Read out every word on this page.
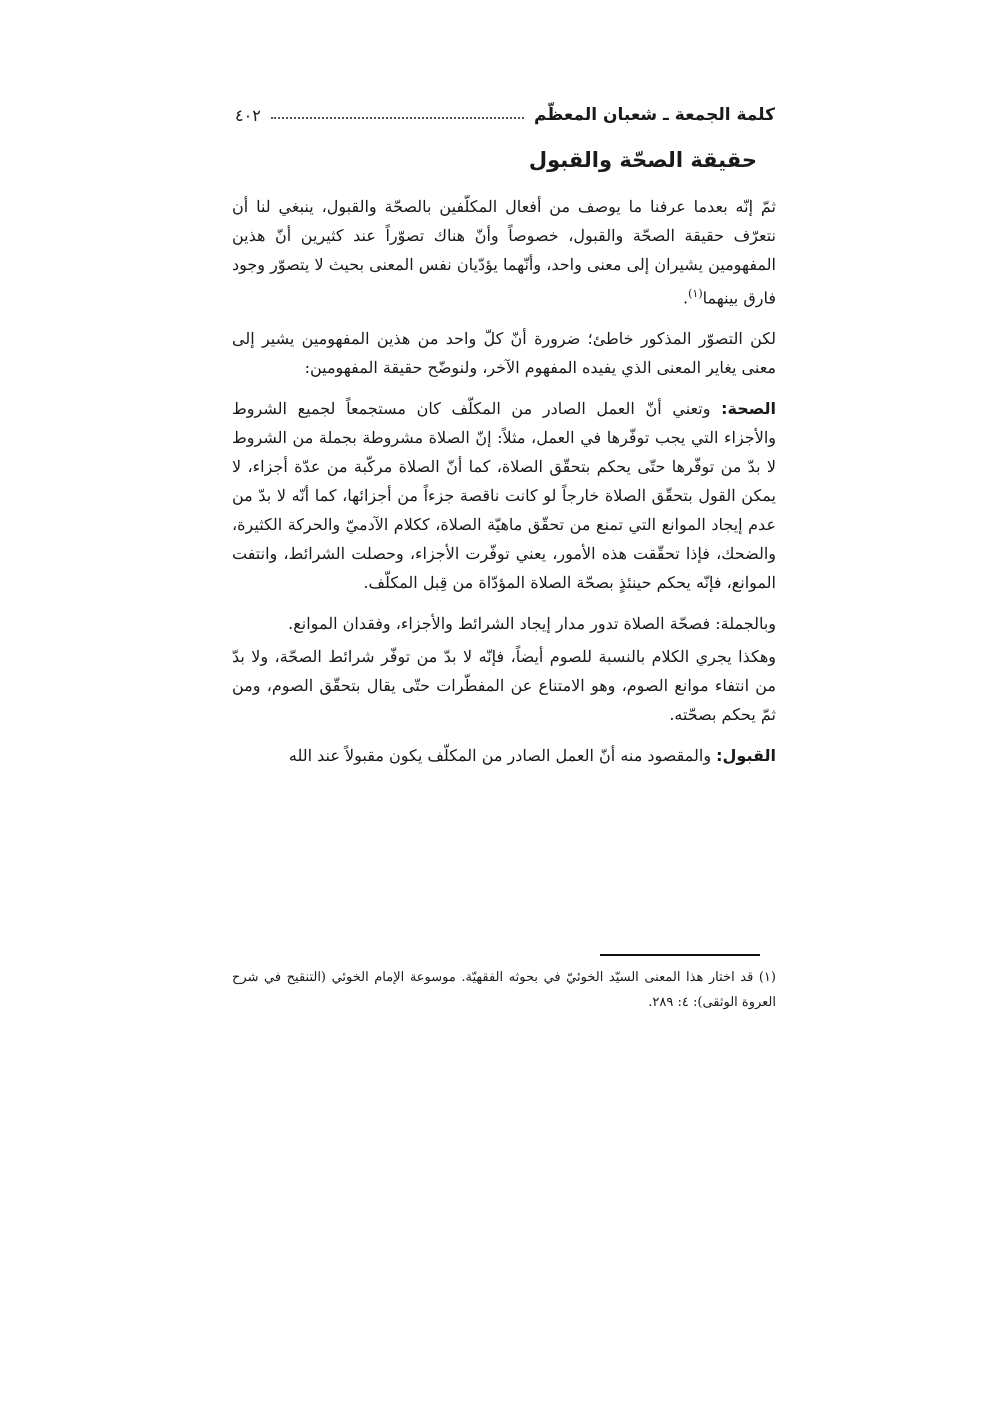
كلمة الجمعة ـ شعبان المعظّم
٤٠٢
حقيقة الصحّة والقبول

ثمّ إنّه بعدما عرفنا ما يوصف من أفعال المكلّفين بالصحّة والقبول، ينبغي لنا أن نتعرّف حقيقة الصحّة والقبول، خصوصاً وأنّ هناك تصوّراً عند كثيرين أنّ هذين المفهومين يشيران إلى معنى واحد، وأنّهما يؤدّيان نفس المعنى بحيث لا يتصوّر وجود فارق بينهما$^{(١)}$.

لكن التصوّر المذكور خاطئ؛ ضرورة أنّ كلّ واحد من هذين المفهومين يشير إلى معنى يغاير المعنى الذي يفيده المفهوم الآخر، ولنوضّح حقيقة المفهومين:

الصحة: وتعني أنّ العمل الصادر من المكلّف كان مستجمعاً لجميع الشروط والأجزاء التي يجب توفّرها في العمل، مثلاً: إنّ الصلاة مشروطة بجملة من الشروط لا بدّ من توفّرها حتّى يحكم بتحقّق الصلاة، كما أنّ الصلاة مركّبة من عدّة أجزاء، لا يمكن القول بتحقّق الصلاة خارجاً لو كانت ناقصة جزءاً من أجزائها، كما أنّه لا بدّ من عدم إيجاد الموانع التي تمنع من تحقّق ماهيّة الصلاة، ككلام الآدميّ والحركة الكثيرة، والضحك، فإذا تحقّقت هذه الأمور، يعني توفّرت الأجزاء، وحصلت الشرائط، وانتفت الموانع، فإنّه يحكم حينئذٍ بصحّة الصلاة المؤدّاة من قِبل المكلّف.

وبالجملة: فصحّة الصلاة تدور مدار إيجاد الشرائط والأجزاء، وفقدان الموانع.

وهكذا يجري الكلام بالنسبة للصوم أيضاً، فإنّه لا بدّ من توفّر شرائط الصحّة، ولا بدّ من انتفاء موانع الصوم، وهو الامتناع عن المفطّرات حتّى يقال بتحقّق الصوم، ومن ثمّ يحكم بصحّته.

القبول: والمقصود منه أنّ العمل الصادر من المكلّف يكون مقبولاً عند الله

(١) قد اختار هذا المعنى السيّد الخوئيّ في بحوثه الفقهيّة. موسوعة الإمام الخوئي (التنقيح في شرح العروة الوثقى): ٤: ٢٨٩.
